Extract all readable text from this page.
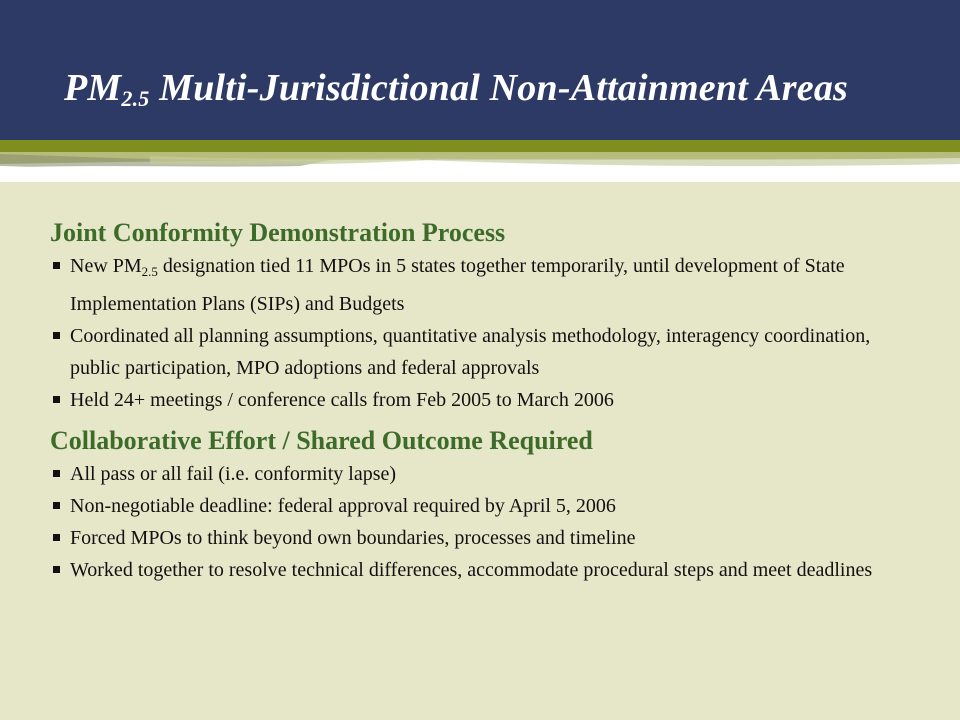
$PM_{2.5}$ Multi-Jurisdictional Non-Attainment Areas
Joint Conformity Demonstration Process
New $PM_{2.5}$ designation tied 11 MPOs in 5 states together temporarily, until development of State Implementation Plans (SIPs) and Budgets
Coordinated all planning assumptions, quantitative analysis methodology, interagency coordination, public participation, MPO adoptions and federal approvals
Held 24+ meetings / conference calls from Feb 2005 to March 2006
Collaborative Effort / Shared Outcome Required
All pass or all fail (i.e. conformity lapse)
Non-negotiable deadline: federal approval required by April 5, 2006
Forced MPOs to think beyond own boundaries, processes and timeline
Worked together to resolve technical differences, accommodate procedural steps and meet deadlines
